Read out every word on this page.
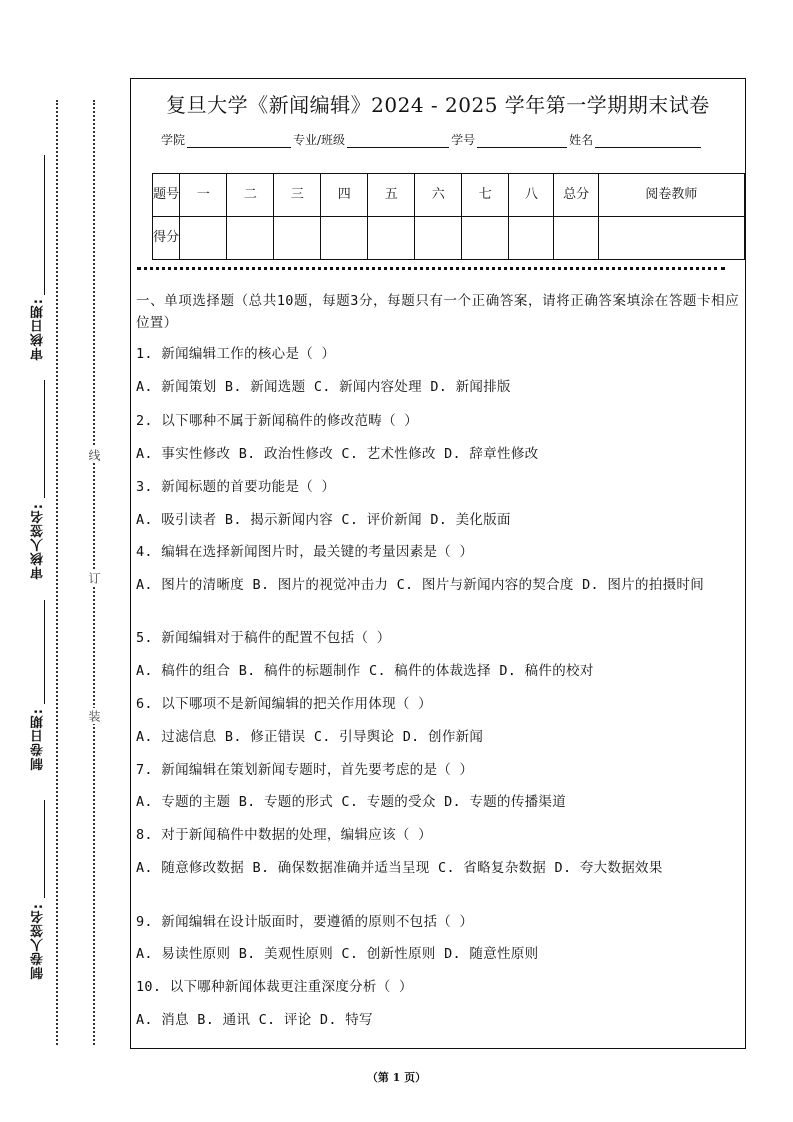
审核日期:
审核人签名:
制卷日期:
制卷人签名:
线
订
装
复旦大学《新闻编辑》2024 - 2025 学年第一学期期末试卷
学院	专业/班级	学号	姓名
题号	一	二	三	四	五	六	七	八	总分	阅卷教师
得分										
一、单项选择题（总共10题，每题3分，每题只有一个正确答案，请将正确答案填涂在答题卡相应位置）
1. 新闻编辑工作的核心是（ ）
A. 新闻策划 B. 新闻选题 C. 新闻内容处理 D. 新闻排版
2. 以下哪种不属于新闻稿件的修改范畴（ ）
A. 事实性修改 B. 政治性修改 C. 艺术性修改 D. 辞章性修改
3. 新闻标题的首要功能是（ ）
A. 吸引读者 B. 揭示新闻内容 C. 评价新闻 D. 美化版面
4. 编辑在选择新闻图片时，最关键的考量因素是（ ）
A. 图片的清晰度 B. 图片的视觉冲击力 C. 图片与新闻内容的契合度 D. 图片的拍摄时间
5. 新闻编辑对于稿件的配置不包括（ ）
A. 稿件的组合 B. 稿件的标题制作 C. 稿件的体裁选择 D. 稿件的校对
6. 以下哪项不是新闻编辑的把关作用体现（ ）
A. 过滤信息 B. 修正错误 C. 引导舆论 D. 创作新闻
7. 新闻编辑在策划新闻专题时，首先要考虑的是（ ）
A. 专题的主题 B. 专题的形式 C. 专题的受众 D. 专题的传播渠道
8. 对于新闻稿件中数据的处理，编辑应该（ ）
A. 随意修改数据 B. 确保数据准确并适当呈现 C. 省略复杂数据 D. 夸大数据效果
9. 新闻编辑在设计版面时，要遵循的原则不包括（ ）
A. 易读性原则 B. 美观性原则 C. 创新性原则 D. 随意性原则
10. 以下哪种新闻体裁更注重深度分析（ ）
A. 消息 B. 通讯 C. 评论 D. 特写
（第 1 页）
